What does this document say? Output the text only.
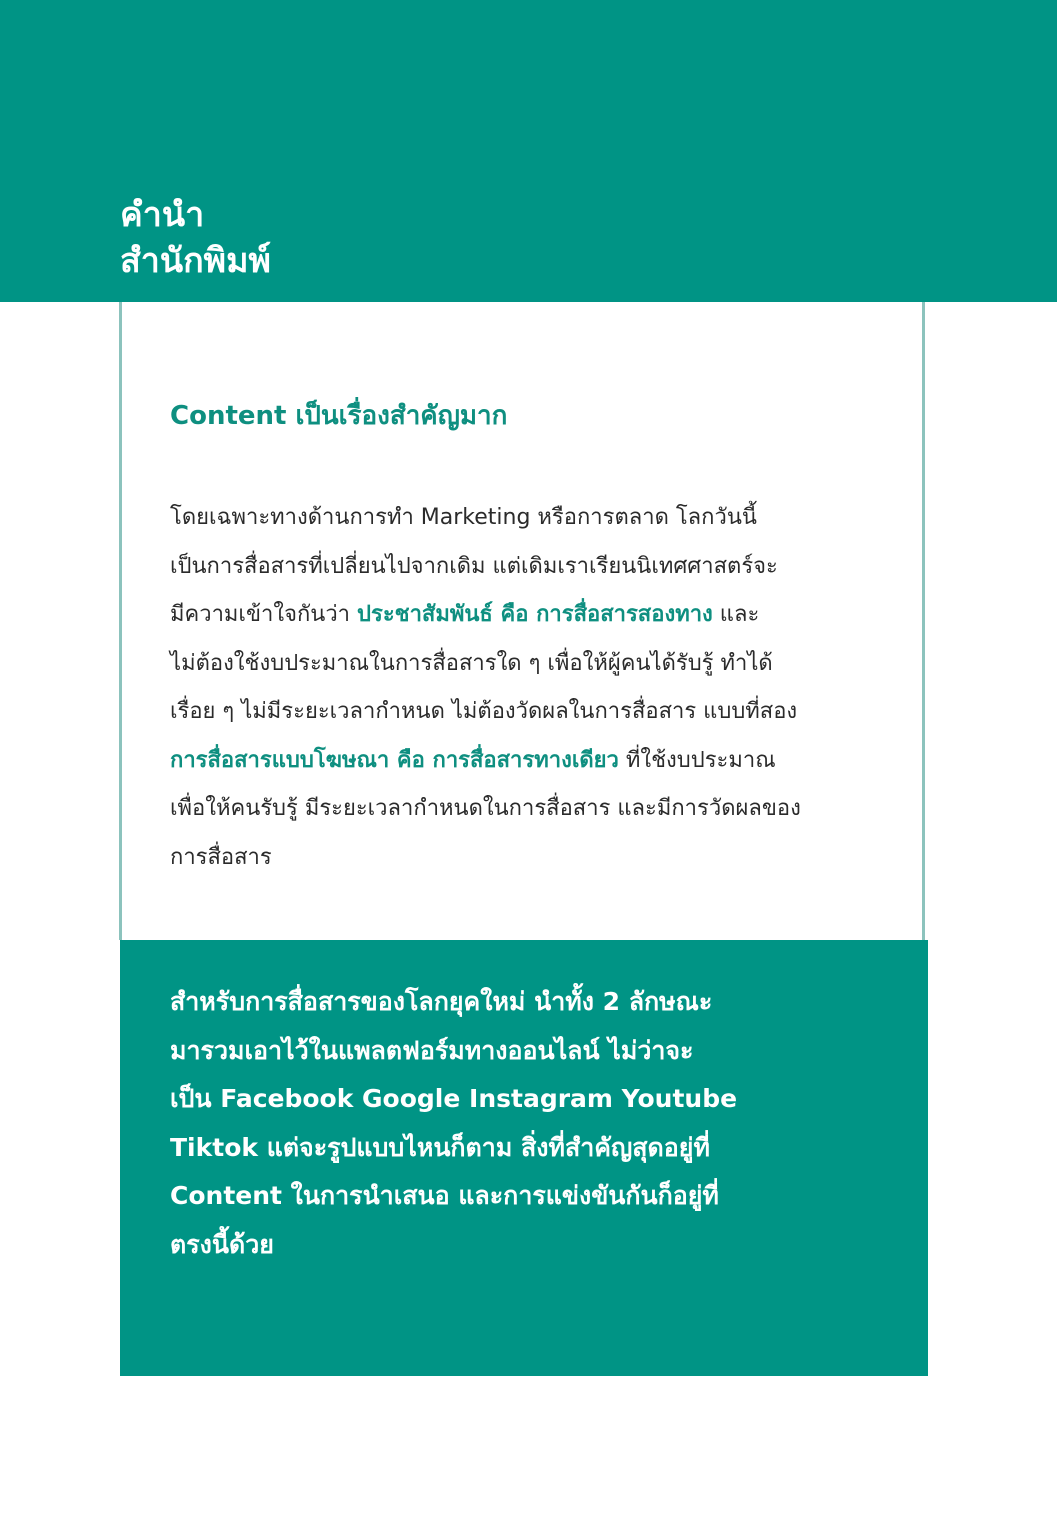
คำนำ
สำนักพิมพ์
Content เป็นเรื่องสำคัญมาก
โดยเฉพาะทางด้านการทำ Marketing หรือการตลาด โลกวันนี้
เป็นการสื่อสารที่เปลี่ยนไปจากเดิม แต่เดิมเราเรียนนิเทศศาสตร์จะ
มีความเข้าใจกันว่า ประชาสัมพันธ์ คือ การสื่อสารสองทาง และ
ไม่ต้องใช้งบประมาณในการสื่อสารใด ๆ เพื่อให้ผู้คนได้รับรู้ ทำได้
เรื่อย ๆ ไม่มีระยะเวลากำหนด ไม่ต้องวัดผลในการสื่อสาร แบบที่สอง
การสื่อสารแบบโฆษณา คือ การสื่อสารทางเดียว ที่ใช้งบประมาณ
เพื่อให้คนรับรู้ มีระยะเวลากำหนดในการสื่อสาร และมีการวัดผลของ
การสื่อสาร
สำหรับการสื่อสารของโลกยุคใหม่ นำทั้ง 2 ลักษณะ
มารวมเอาไว้ในแพลตฟอร์มทางออนไลน์ ไม่ว่าจะ
เป็น Facebook Google Instagram Youtube
Tiktok แต่จะรูปแบบไหนก็ตาม สิ่งที่สำคัญสุดอยู่ที่
Content ในการนำเสนอ และการแข่งขันกันก็อยู่ที่
ตรงนี้ด้วย
